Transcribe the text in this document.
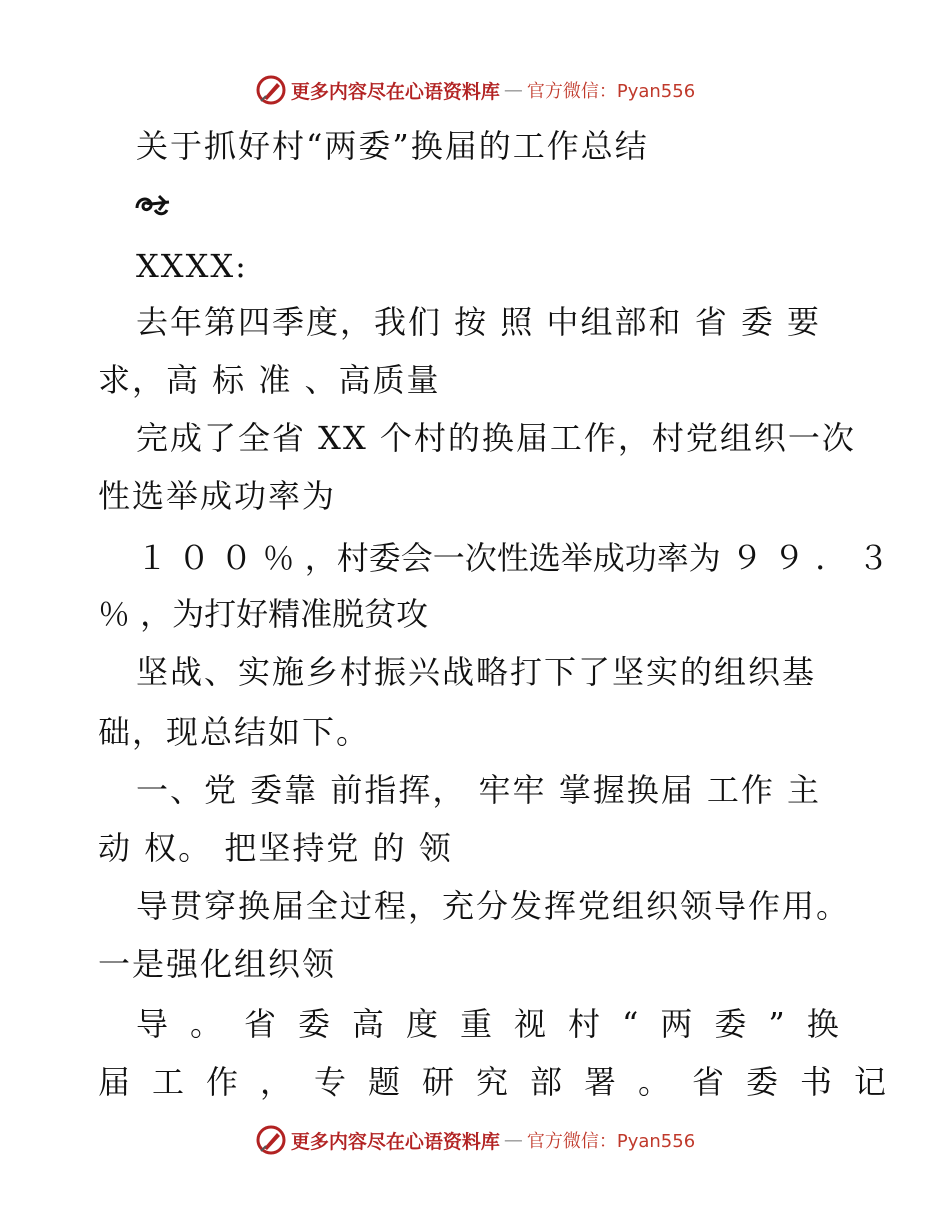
更多内容尽在心语资料库 — 官方微信：Pyan556
关于抓好村“两委”换届的工作总结
XXXX:
去年第四季度，我们 按 照 中组部和 省 委 要
求，高 标 准 、高质量
完成了全省 XX 个村的换届工作，村党组织一次
性选举成功率为
１ ０ ０ ％ ，村委会一次性选举成功率为 ９ ９ ． ３
％ ，为打好精准脱贫攻
坚战、实施乡村振兴战略打下了坚实的组织基
础，现总结如下。
一、党 委靠 前指挥， 牢牢 掌握换届 工作 主
动 权。 把坚持党 的 领
导贯穿换届全过程，充分发挥党组织领导作用。
一是强化组织领
导。省委高度重视村“两委”换
届工作，专题研究部署。省委书记
更多内容尽在心语资料库 — 官方微信：Pyan556
